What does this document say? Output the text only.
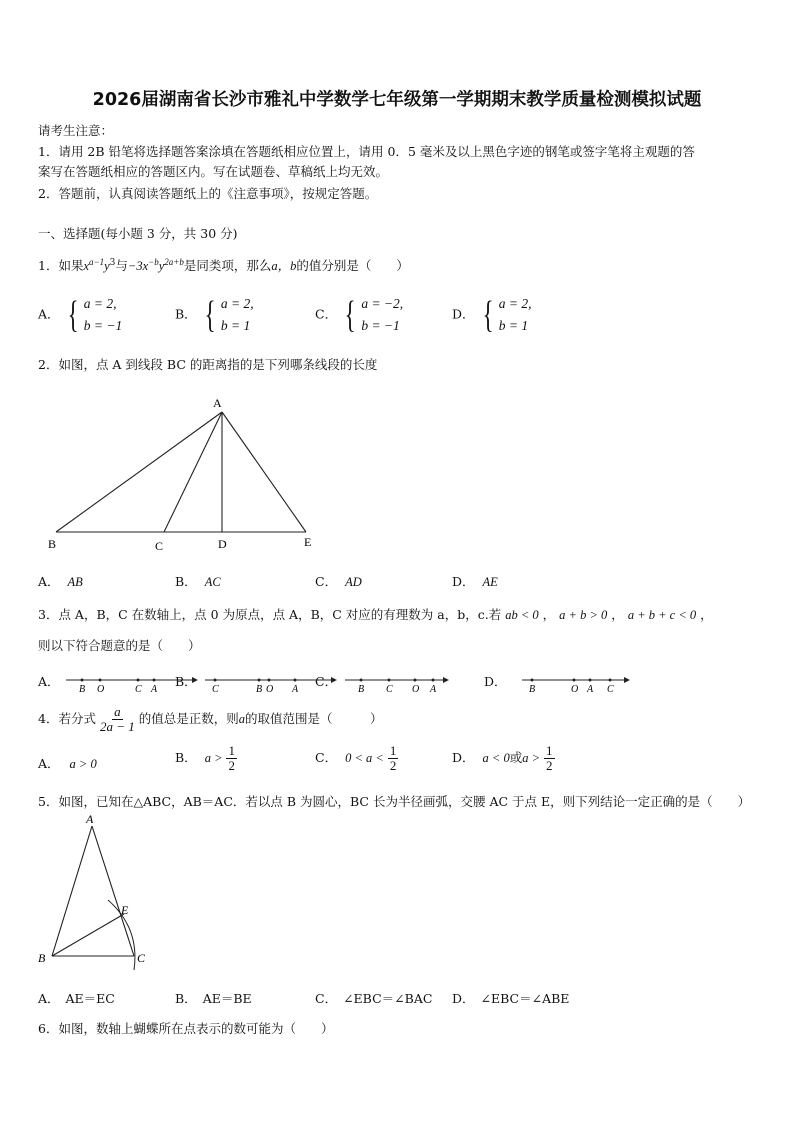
2026届湖南省长沙市雅礼中学数学七年级第一学期期末教学质量检测模拟试题
请考生注意：
1．请用 2B 铅笔将选择题答案涂填在答题纸相应位置上，请用 0．5 毫米及以上黑色字迹的钢笔或签字笔将主观题的答
案写在答题纸相应的答题区内。写在试题卷、草稿纸上均无效。
2．答题前，认真阅读答题纸上的《注意事项》，按规定答题。
一、选择题(每小题 3 分，共 30 分)
1．如果$x^{a-1}y^3$与$-3x^{-b}y^{2a+b}$是同类项，那么a，b的值分别是（　　）
A． { a = 2,
b = −1
B． { a = 2,
b = 1
C． { a = −2,
b = −1
D． { a = 2,
b = 1
2．如图，点 A 到线段 BC 的距离指的是下列哪条线段的长度
A
B	C	D	E
A． AB	B． AC	C． AD	D． AE
3．点 A，B，C 在数轴上，点 0 为原点，点 A，B，C 对应的有理数为 a，b，c.若 ab < 0 ， a + b > 0 ， a + b + c < 0 ，
则以下符合题意的是（　　）
A．
B O	C A
B．
C	B O A
C．
B C O A
D．
B	O A C
4．若分式 $\frac{a}{2a - 1}$ 的值总是正数，则a的取值范围是（　　　）
A． a > 0	B． $a > \frac{1}{2}$	C． $0 < a < \frac{1}{2}$	D． a < 0或$a > \frac{1}{2}$
5．如图，已知在△ABC，AB＝AC．若以点 B 为圆心，BC 长为半径画弧，交腰 AC 于点 E，则下列结论一定正确的是（　　）
A
B	C
E
A． AE＝EC	B． AE＝BE	C． ∠EBC＝∠BAC D． ∠EBC＝∠ABE
6．如图，数轴上蝴蝶所在点表示的数可能为（　　）
